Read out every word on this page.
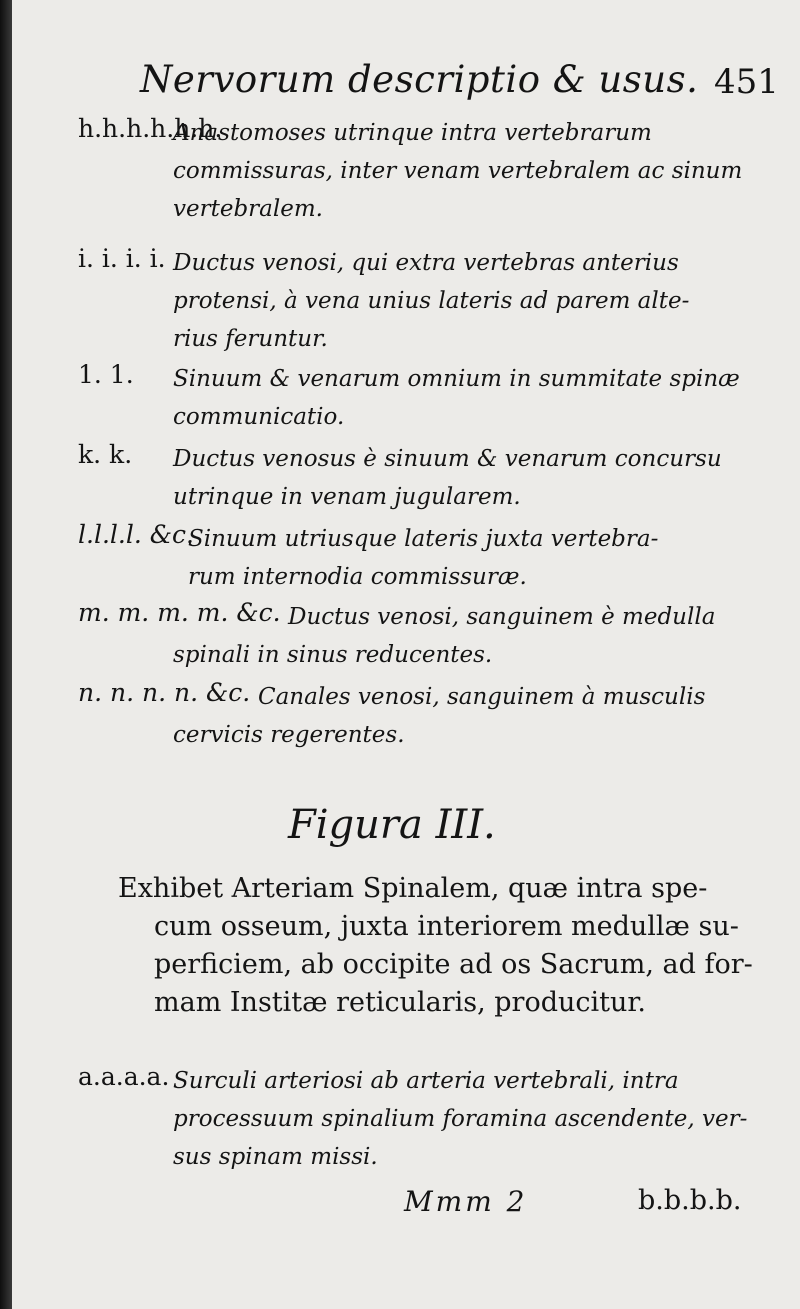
Nervorum descriptio & usus. 451
h.h.h.h.h.h.
Anastomoses utrinque intra vertebrarum
commissuras, inter venam vertebralem ac sinum
vertebralem.
i. i. i. i. Ductus venosi, qui extra vertebras anterius
protensi, à vena unius lateris ad parem alte-
rius feruntur.
1. 1. Sinuum & venarum omnium in summitate spinæ
communicatio.
k. k. Ductus venosus è sinuum & venarum concursu
utrinque in venam jugularem.
l.l.l.l. &c.
Sinuum utriusque lateris juxta vertebra-
rum internodia commissuræ.
m. m. m. m. &c. Ductus venosi, sanguinem è medulla
spinali in sinus reducentes.
n. n. n. n. &c. Canales venosi, sanguinem à musculis
cervicis regerentes.
Figura III.
Exhibet Arteriam Spinalem, quæ intra spe-
cum osseum, juxta interiorem medullæ su-
perficiem, ab occipite ad os Sacrum, ad for-
mam Institæ reticularis, producitur.
a.a.a.a. Surculi arteriosi ab arteria vertebrali, intra
processuum spinalium foramina ascendente, ver-
sus spinam missi.
Mmm 2	b.b.b.b.
